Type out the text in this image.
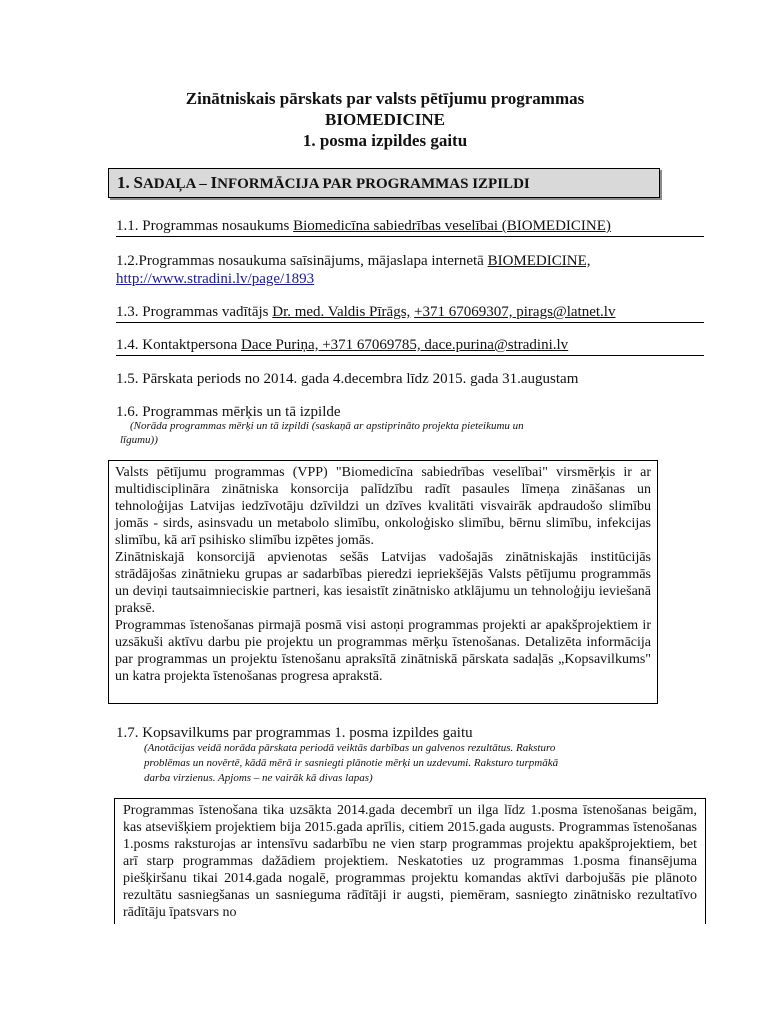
Zinātniskais pārskats par valsts pētījumu programmas
BIOMEDICINE
1. posma izpildes gaitu
1. SADAĻA – INFORMĀCIJA PAR PROGRAMMAS IZPILDI
1.1. Programmas nosaukums Biomedicīna sabiedrības veselībai (BIOMEDICINE)
1.2.Programmas nosaukuma saīsinājums, mājaslapa internetā BIOMEDICINE,
http://www.stradini.lv/page/1893
1.3. Programmas vadītājs Dr. med. Valdis Pīrāgs, +371 67069307, pirags@latnet.lv
1.4. Kontaktpersona Dace Puriņa, +371 67069785, dace.purina@stradini.lv
1.5. Pārskata periods no 2014. gada 4.decembra līdz 2015. gada 31.augustam
1.6. Programmas mērķis un tā izpilde
(Norāda programmas mērķi un tā izpildi (saskaņā ar apstiprināto projekta pieteikumu un
līgumu))

Valsts pētījumu programmas (VPP) "Biomedicīna sabiedrības veselībai" virsmērķis ir ar multidisciplināra zinātniska konsorcija palīdzību radīt pasaules līmeņa zināšanas un tehnoloģijas Latvijas iedzīvotāju dzīvildzi un dzīves kvalitāti visvairāk apdraudošo slimību jomās - sirds, asinsvadu un metabolo slimību, onkoloģisko slimību, bērnu slimību, infekcijas slimību, kā arī psihisko slimību izpētes jomās.

Zinātniskajā konsorcijā apvienotas sešās Latvijas vadošajās zinātniskajās institūcijās strādājošas zinātnieku grupas ar sadarbības pieredzi iepriekšējās Valsts pētījumu programmās un deviņi tautsaimnieciskie partneri, kas iesaistīt zinātnisko atklājumu un tehnoloģiju ieviešanā praksē.

Programmas īstenošanas pirmajā posmā visi astoņi programmas projekti ar apakšprojektiem ir uzsākuši aktīvu darbu pie projektu un programmas mērķu īstenošanas. Detalizēta informācija par programmas un projektu īstenošanu apraksītā zinātniskā pārskata sadaļās „Kopsavilkums" un katra projekta īstenošanas progresa aprakstā.

1.7. Kopsavilkums par programmas 1. posma izpildes gaitu
(Anotācijas veidā norāda pārskata periodā veiktās darbības un galvenos rezultātus. Raksturo
problēmas un novērtē, kādā mērā ir sasniegti plānotie mērķi un uzdevumi. Raksturo turpmākā
darba virzienus. Apjoms – ne vairāk kā divas lapas)

Programmas īstenošana tika uzsākta 2014.gada decembrī un ilga līdz 1.posma īstenošanas beigām, kas atsevišķiem projektiem bija 2015.gada aprīlis, citiem 2015.gada augusts. Programmas īstenošanas 1.posms raksturojas ar intensīvu sadarbību ne vien starp programmas projektu apakšprojektiem, bet arī starp programmas dažādiem projektiem. Neskatoties uz programmas 1.posma finansējuma piešķiršanu tikai 2014.gada nogalē, programmas projektu komandas aktīvi darbojušās pie plānoto rezultātu sasniegšanas un sasnieguma rādītāji ir augsti, piemēram, sasniegto zinātnisko rezultatīvo rādītāju īpatsvars no
